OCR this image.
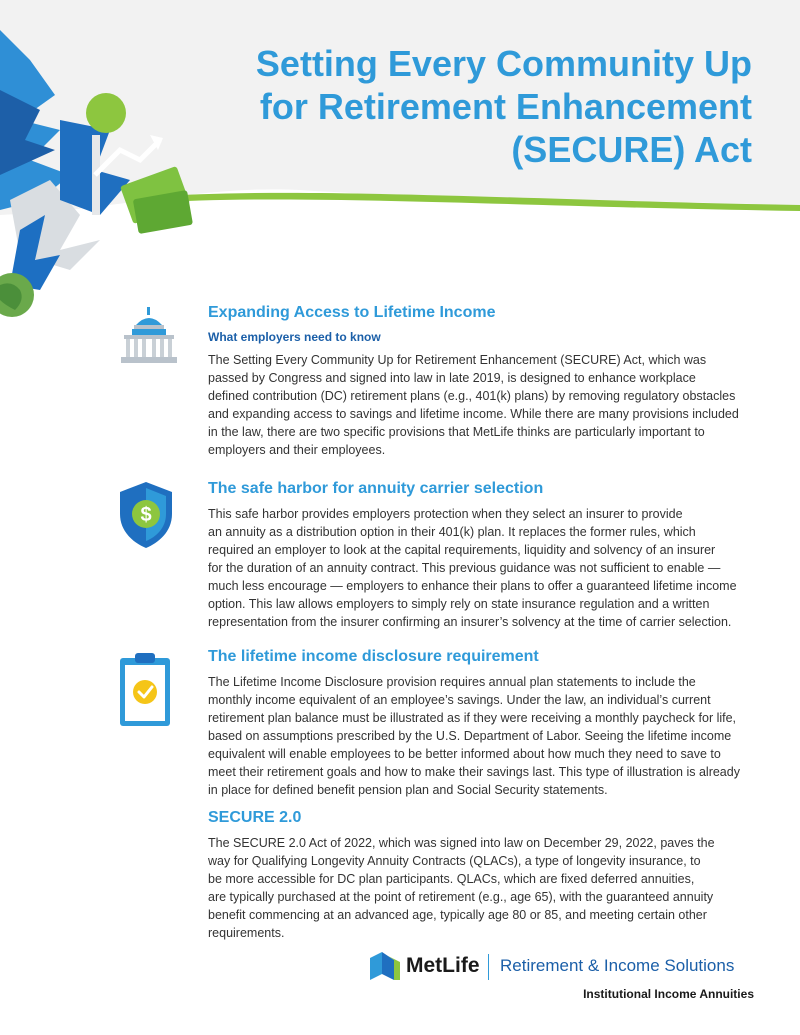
Setting Every Community Up
for Retirement Enhancement
(SECURE) Act
Expanding Access to Lifetime Income
What employers need to know

The Setting Every Community Up for Retirement Enhancement (SECURE) Act, which was
passed by Congress and signed into law in late 2019, is designed to enhance workplace
defined contribution (DC) retirement plans (e.g., 401(k) plans) by removing regulatory obstacles
and expanding access to savings and lifetime income. While there are many provisions included
in the law, there are two specific provisions that MetLife thinks are particularly important to
employers and their employees.

$
The safe harbor for annuity carrier selection

This safe harbor provides employers protection when they select an insurer to provide
an annuity as a distribution option in their 401(k) plan. It replaces the former rules, which
required an employer to look at the capital requirements, liquidity and solvency of an insurer
for the duration of an annuity contract. This previous guidance was not sufficient to enable —
much less encourage — employers to enhance their plans to offer a guaranteed lifetime income
option. This law allows employers to simply rely on state insurance regulation and a written
representation from the insurer confirming an insurer’s solvency at the time of carrier selection.

The lifetime income disclosure requirement

The Lifetime Income Disclosure provision requires annual plan statements to include the
monthly income equivalent of an employee’s savings. Under the law, an individual’s current
retirement plan balance must be illustrated as if they were receiving a monthly paycheck for life,
based on assumptions prescribed by the U.S. Department of Labor. Seeing the lifetime income
equivalent will enable employees to be better informed about how much they need to save to
meet their retirement goals and how to make their savings last. This type of illustration is already
in place for defined benefit pension plan and Social Security statements.

SECURE 2.0

The SECURE 2.0 Act of 2022, which was signed into law on December 29, 2022, paves the
way for Qualifying Longevity Annuity Contracts (QLACs), a type of longevity insurance, to
be more accessible for DC plan participants. QLACs, which are fixed deferred annuities,
are typically purchased at the point of retirement (e.g., age 65), with the guaranteed annuity
benefit commencing at an advanced age, typically age 80 or 85, and meeting certain other
requirements.

MetLife Retirement & Income Solutions
Institutional Income Annuities
